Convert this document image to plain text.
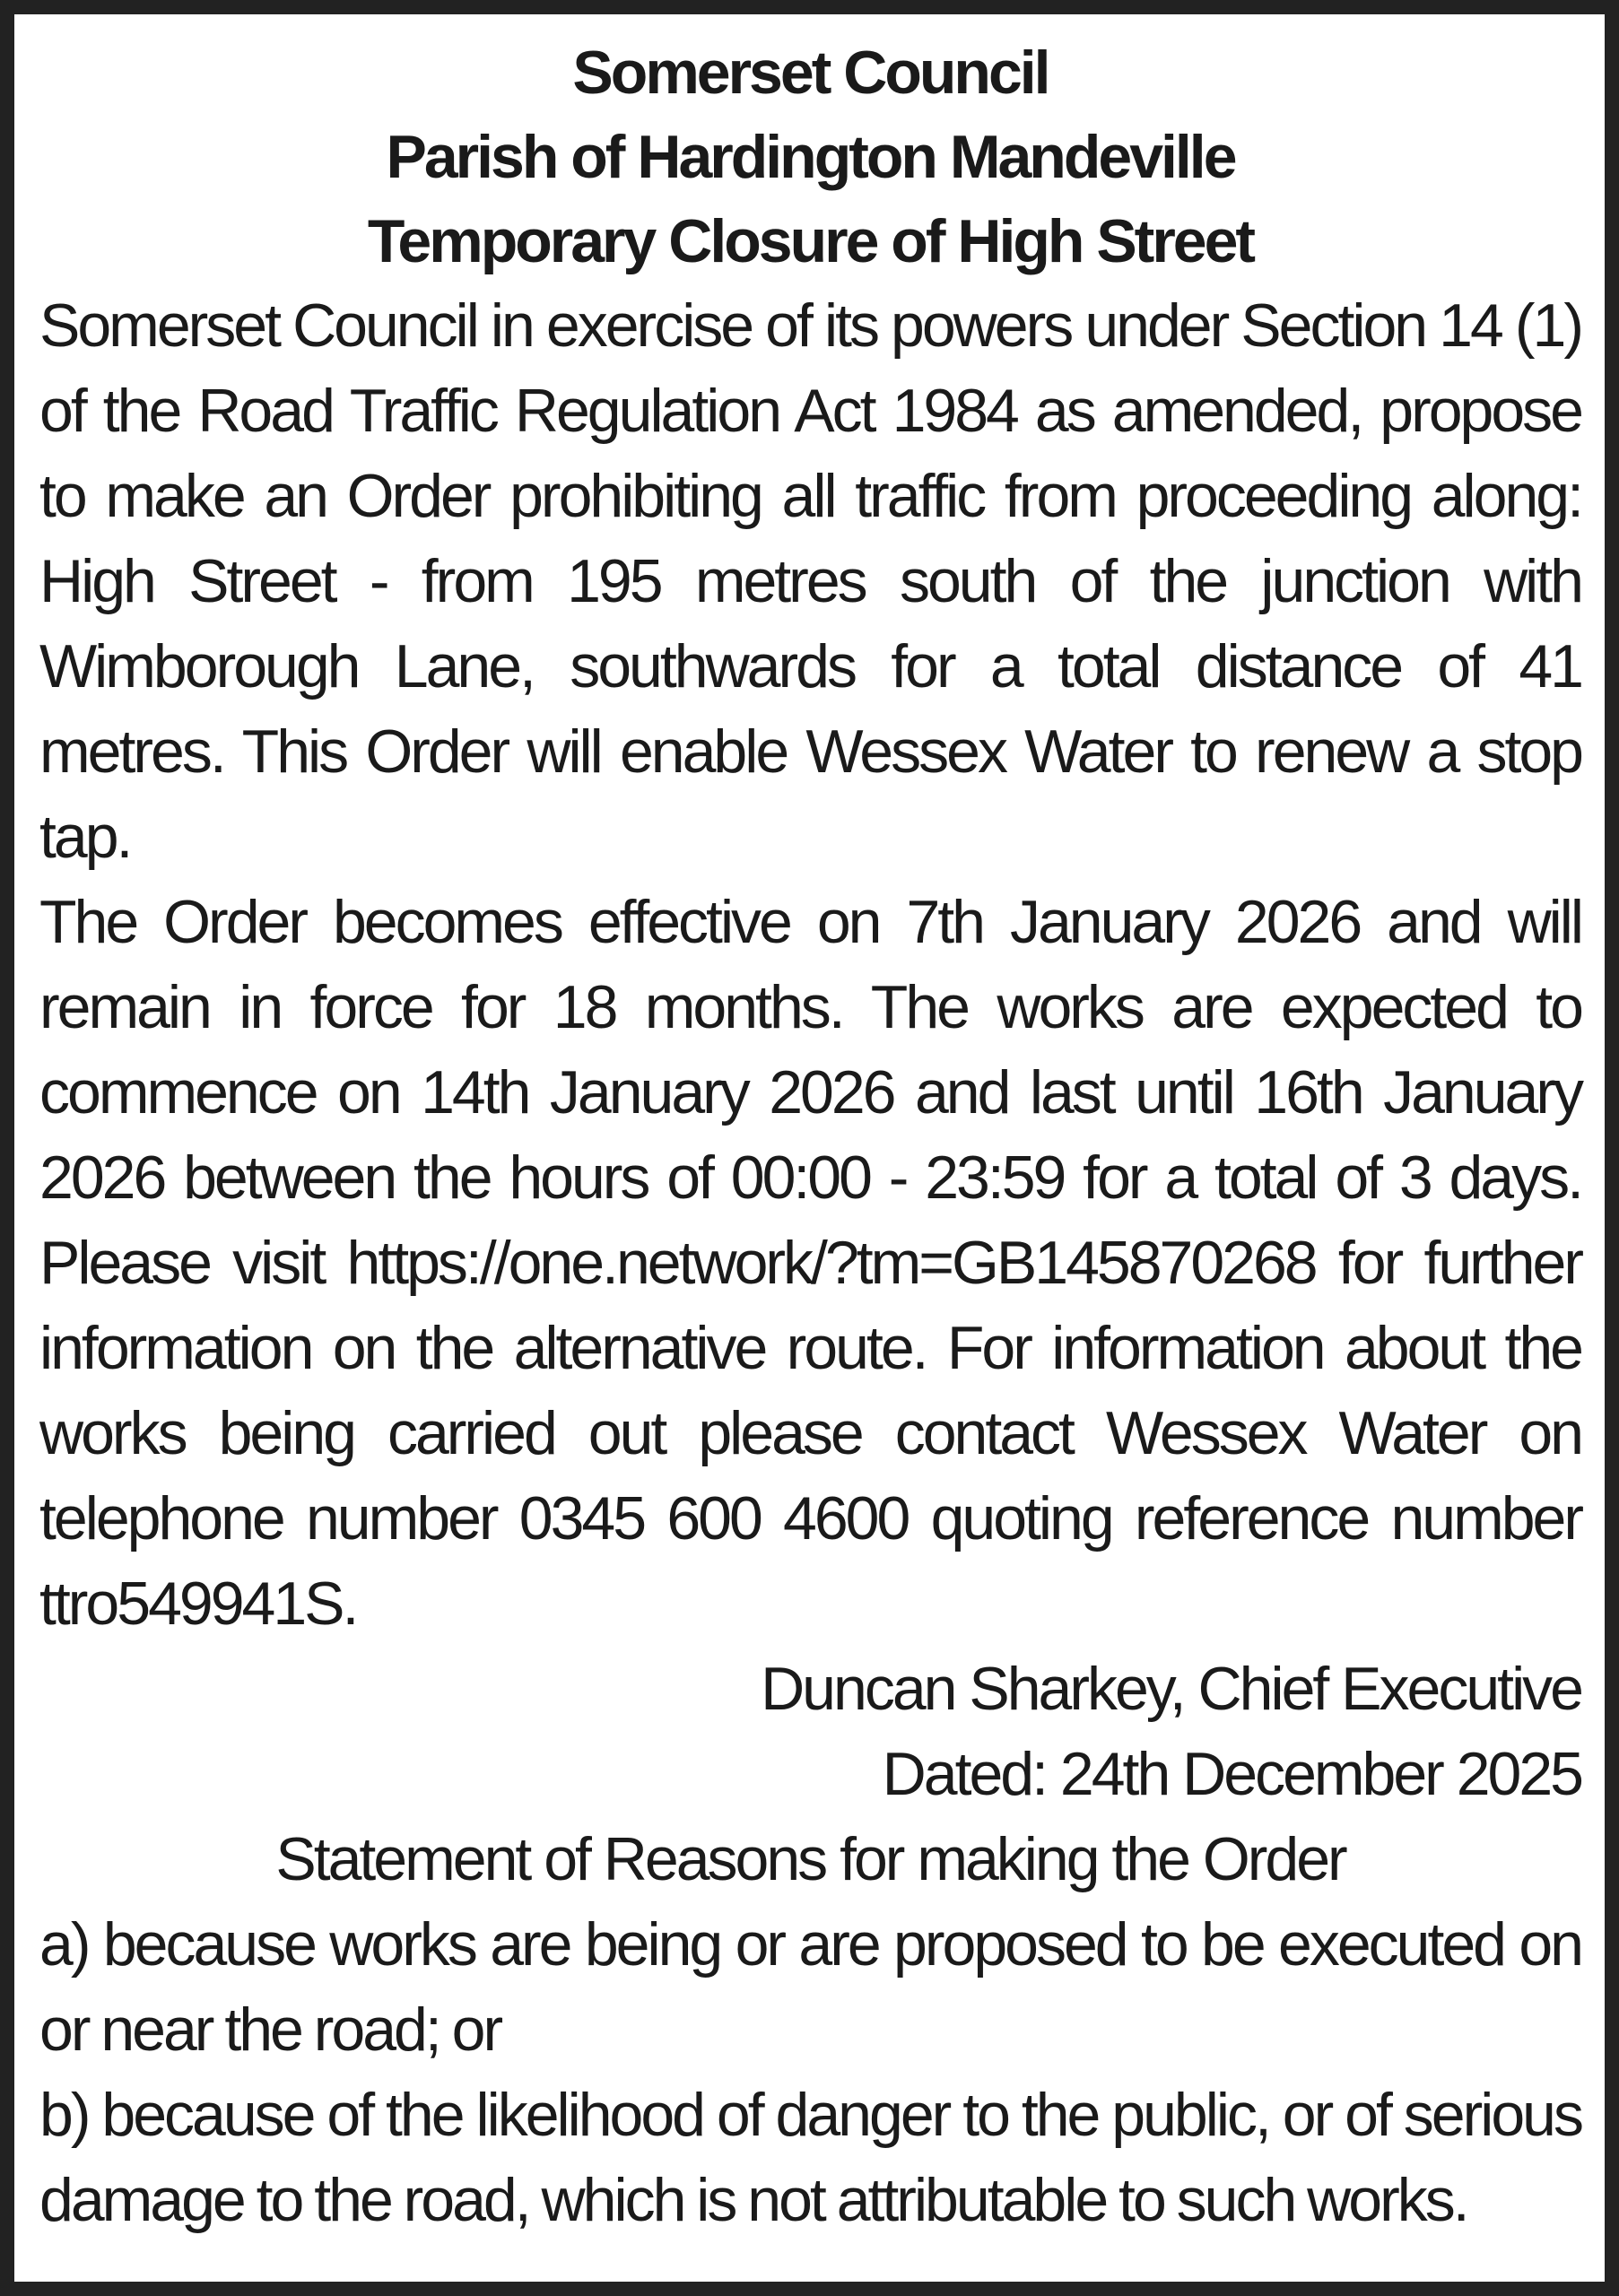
Somerset Council
Parish of Hardington Mandeville
Temporary Closure of High Street

Somerset Council in exercise of its powers under Section 14 (1) of the Road Traffic Regulation Act 1984 as amended, propose to make an Order prohibiting all traffic from proceeding along: High Street - from 195 metres south of the junction with Wimborough Lane, southwards for a total distance of 41 metres. This Order will enable Wessex Water to renew a stop tap.

The Order becomes effective on 7th January 2026 and will remain in force for 18 months. The works are expected to commence on 14th January 2026 and last until 16th January 2026 between the hours of 00:00 - 23:59 for a total of 3 days. Please visit https://one.network/?tm=GB145870268 for further information on the alternative route. For information about the works being carried out please contact Wessex Water on telephone number 0345 600 4600 quoting reference number ttro549941S.

Duncan Sharkey, Chief Executive
Dated: 24th December 2025
Statement of Reasons for making the Order

a) because works are being or are proposed to be executed on or near the road; or

b) because of the likelihood of danger to the public, or of serious damage to the road, which is not attributable to such works.
